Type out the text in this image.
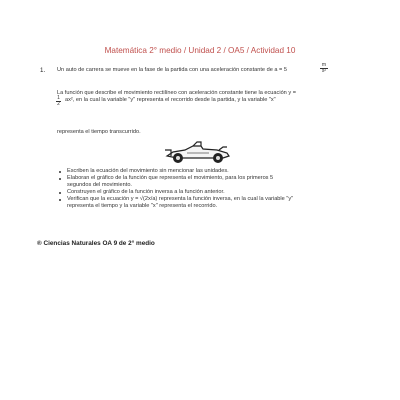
Matemática 2° medio / Unidad 2 / OA5 / Actividad 10
1. Un auto de carrera se mueve en la fase de la partida con una aceleración constante de a = 5
m
s²
La función que describe el movimiento rectilíneo con aceleración constante tiene la ecuación y =
ax², en la cual la variable "y" representa el recorrido desde la partida, y la variable "x"
1
2
representa el tiempo transcurrido.
Escriben la ecuación del movimiento sin mencionar las unidades.
Elaboran el gráfico de la función que representa el movimiento, para los primeros 5
segundos del movimiento.
Construyen el gráfico de la función inversa a la función anterior.
Verifican que la ecuación y = √(2x/a) representa la función inversa, en la cual la variable "y"
representa el tiempo y la variable "x" representa el recorrido.
® Ciencias Naturales OA 9 de 2° medio
